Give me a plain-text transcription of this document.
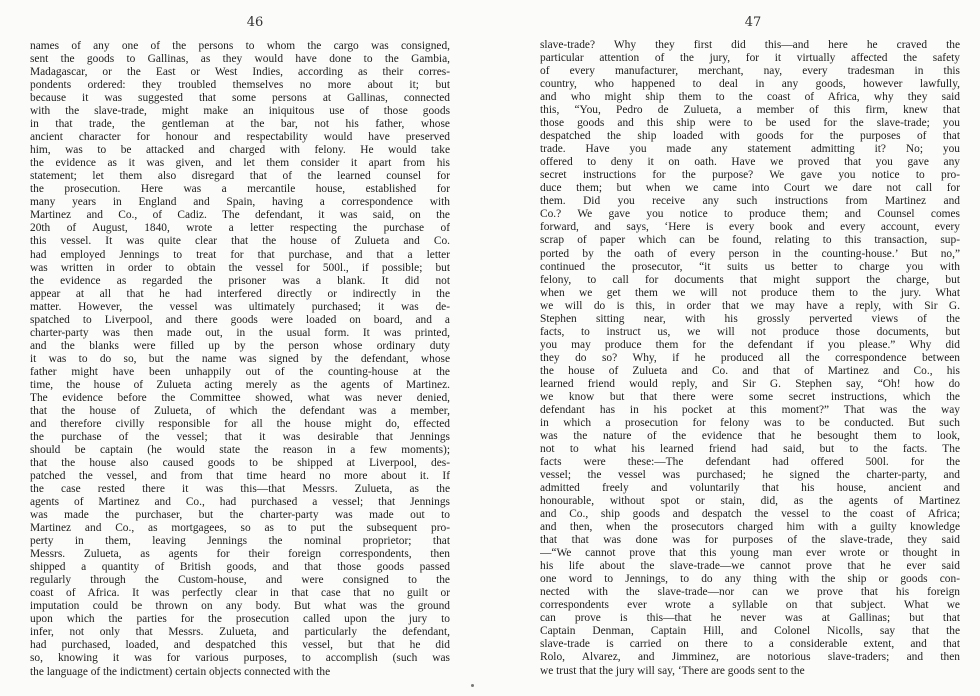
46
names of any one of the persons to whom the cargo was consigned,
sent the goods to Gallinas, as they would have done to the Gambia,
Madagascar, or the East or West Indies, according as their corres-
pondents ordered: they troubled themselves no more about it; but
because it was suggested that some persons at Gallinas, connected
with the slave-trade, might make an iniquitous use of those goods
in that trade, the gentleman at the bar, not his father, whose
ancient character for honour and respectability would have preserved
him, was to be attacked and charged with felony. He would take
the evidence as it was given, and let them consider it apart from his
statement; let them also disregard that of the learned counsel for
the prosecution. Here was a mercantile house, established for
many years in England and Spain, having a correspondence with
Martinez and Co., of Cadiz. The defendant, it was said, on the
20th of August, 1840, wrote a letter respecting the purchase of
this vessel. It was quite clear that the house of Zulueta and Co.
had employed Jennings to treat for that purchase, and that a letter
was written in order to obtain the vessel for 500l., if possible; but
the evidence as regarded the prisoner was a blank. It did not
appear at all that he had interfered directly or indirectly in the
matter. However, the vessel was ultimately purchased; it was de-
spatched to Liverpool, and there goods were loaded on board, and a
charter-party was then made out, in the usual form. It was printed,
and the blanks were filled up by the person whose ordinary duty
it was to do so, but the name was signed by the defendant, whose
father might have been unhappily out of the counting-house at the
time, the house of Zulueta acting merely as the agents of Martinez.
The evidence before the Committee showed, what was never denied,
that the house of Zulueta, of which the defendant was a member,
and therefore civilly responsible for all the house might do, effected
the purchase of the vessel; that it was desirable that Jennings
should be captain (he would state the reason in a few moments);
that the house also caused goods to be shipped at Liverpool, des-
patched the vessel, and from that time heard no more about it. If
the case rested there it was this—that Messrs. Zulueta, as the
agents of Martinez and Co., had purchased a vessel; that Jennings
was made the purchaser, but the charter-party was made out to
Martinez and Co., as mortgagees, so as to put the subsequent pro-
perty in them, leaving Jennings the nominal proprietor; that
Messrs. Zulueta, as agents for their foreign correspondents, then
shipped a quantity of British goods, and that those goods passed
regularly through the Custom-house, and were consigned to the
coast of Africa. It was perfectly clear in that case that no guilt or
imputation could be thrown on any body. But what was the ground
upon which the parties for the prosecution called upon the jury to
infer, not only that Messrs. Zulueta, and particularly the defendant,
had purchased, loaded, and despatched this vessel, but that he did
so, knowing it was for various purposes, to accomplish (such was
the language of the indictment) certain objects connected with the
47
slave-trade? Why they first did this—and here he craved the
particular attention of the jury, for it virtually affected the safety
of every manufacturer, merchant, nay, every tradesman in this
country, who happened to deal in any goods, however lawfully,
and who might ship them to the coast of Africa, why they said
this, “You, Pedro de Zulueta, a member of this firm, knew that
those goods and this ship were to be used for the slave-trade; you
despatched the ship loaded with goods for the purposes of that
trade. Have you made any statement admitting it? No; you
offered to deny it on oath. Have we proved that you gave any
secret instructions for the purpose? We gave you notice to pro-
duce them; but when we came into Court we dare not call for
them. Did you receive any such instructions from Martinez and
Co.? We gave you notice to produce them; and Counsel comes
forward, and says, ‘Here is every book and every account, every
scrap of paper which can be found, relating to this transaction, sup-
ported by the oath of every person in the counting-house.’ But no,”
continued the prosecutor, “it suits us better to charge you with
felony, to call for documents that might support the charge, but
when we get them we will not produce them to the jury. What
we will do is this, in order that we may have a reply, with Sir G.
Stephen sitting near, with his grossly perverted views of the
facts, to instruct us, we will not produce those documents, but
you may produce them for the defendant if you please.” Why did
they do so? Why, if he produced all the correspondence between
the house of Zulueta and Co. and that of Martinez and Co., his
learned friend would reply, and Sir G. Stephen say, “Oh! how do
we know but that there were some secret instructions, which the
defendant has in his pocket at this moment?” That was the way
in which a prosecution for felony was to be conducted. But such
was the nature of the evidence that he besought them to look,
not to what his learned friend had said, but to the facts. The
facts were these:—The defendant had offered 500l. for the
vessel; the vessel was purchased; he signed the charter-party, and
admitted freely and voluntarily that his house, ancient and
honourable, without spot or stain, did, as the agents of Martinez
and Co., ship goods and despatch the vessel to the coast of Africa;
and then, when the prosecutors charged him with a guilty knowledge
that that was done was for purposes of the slave-trade, they said
—“We cannot prove that this young man ever wrote or thought in
his life about the slave-trade—we cannot prove that he ever said
one word to Jennings, to do any thing with the ship or goods con-
nected with the slave-trade—nor can we prove that his foreign
correspondents ever wrote a syllable on that subject. What we
can prove is this—that he never was at Gallinas; but that
Captain Denman, Captain Hill, and Colonel Nicolls, say that the
slave-trade is carried on there to a considerable extent, and that
Rolo, Alvarez, and Jimminez, are notorious slave-traders; and then
we trust that the jury will say, ‘There are goods sent to the
